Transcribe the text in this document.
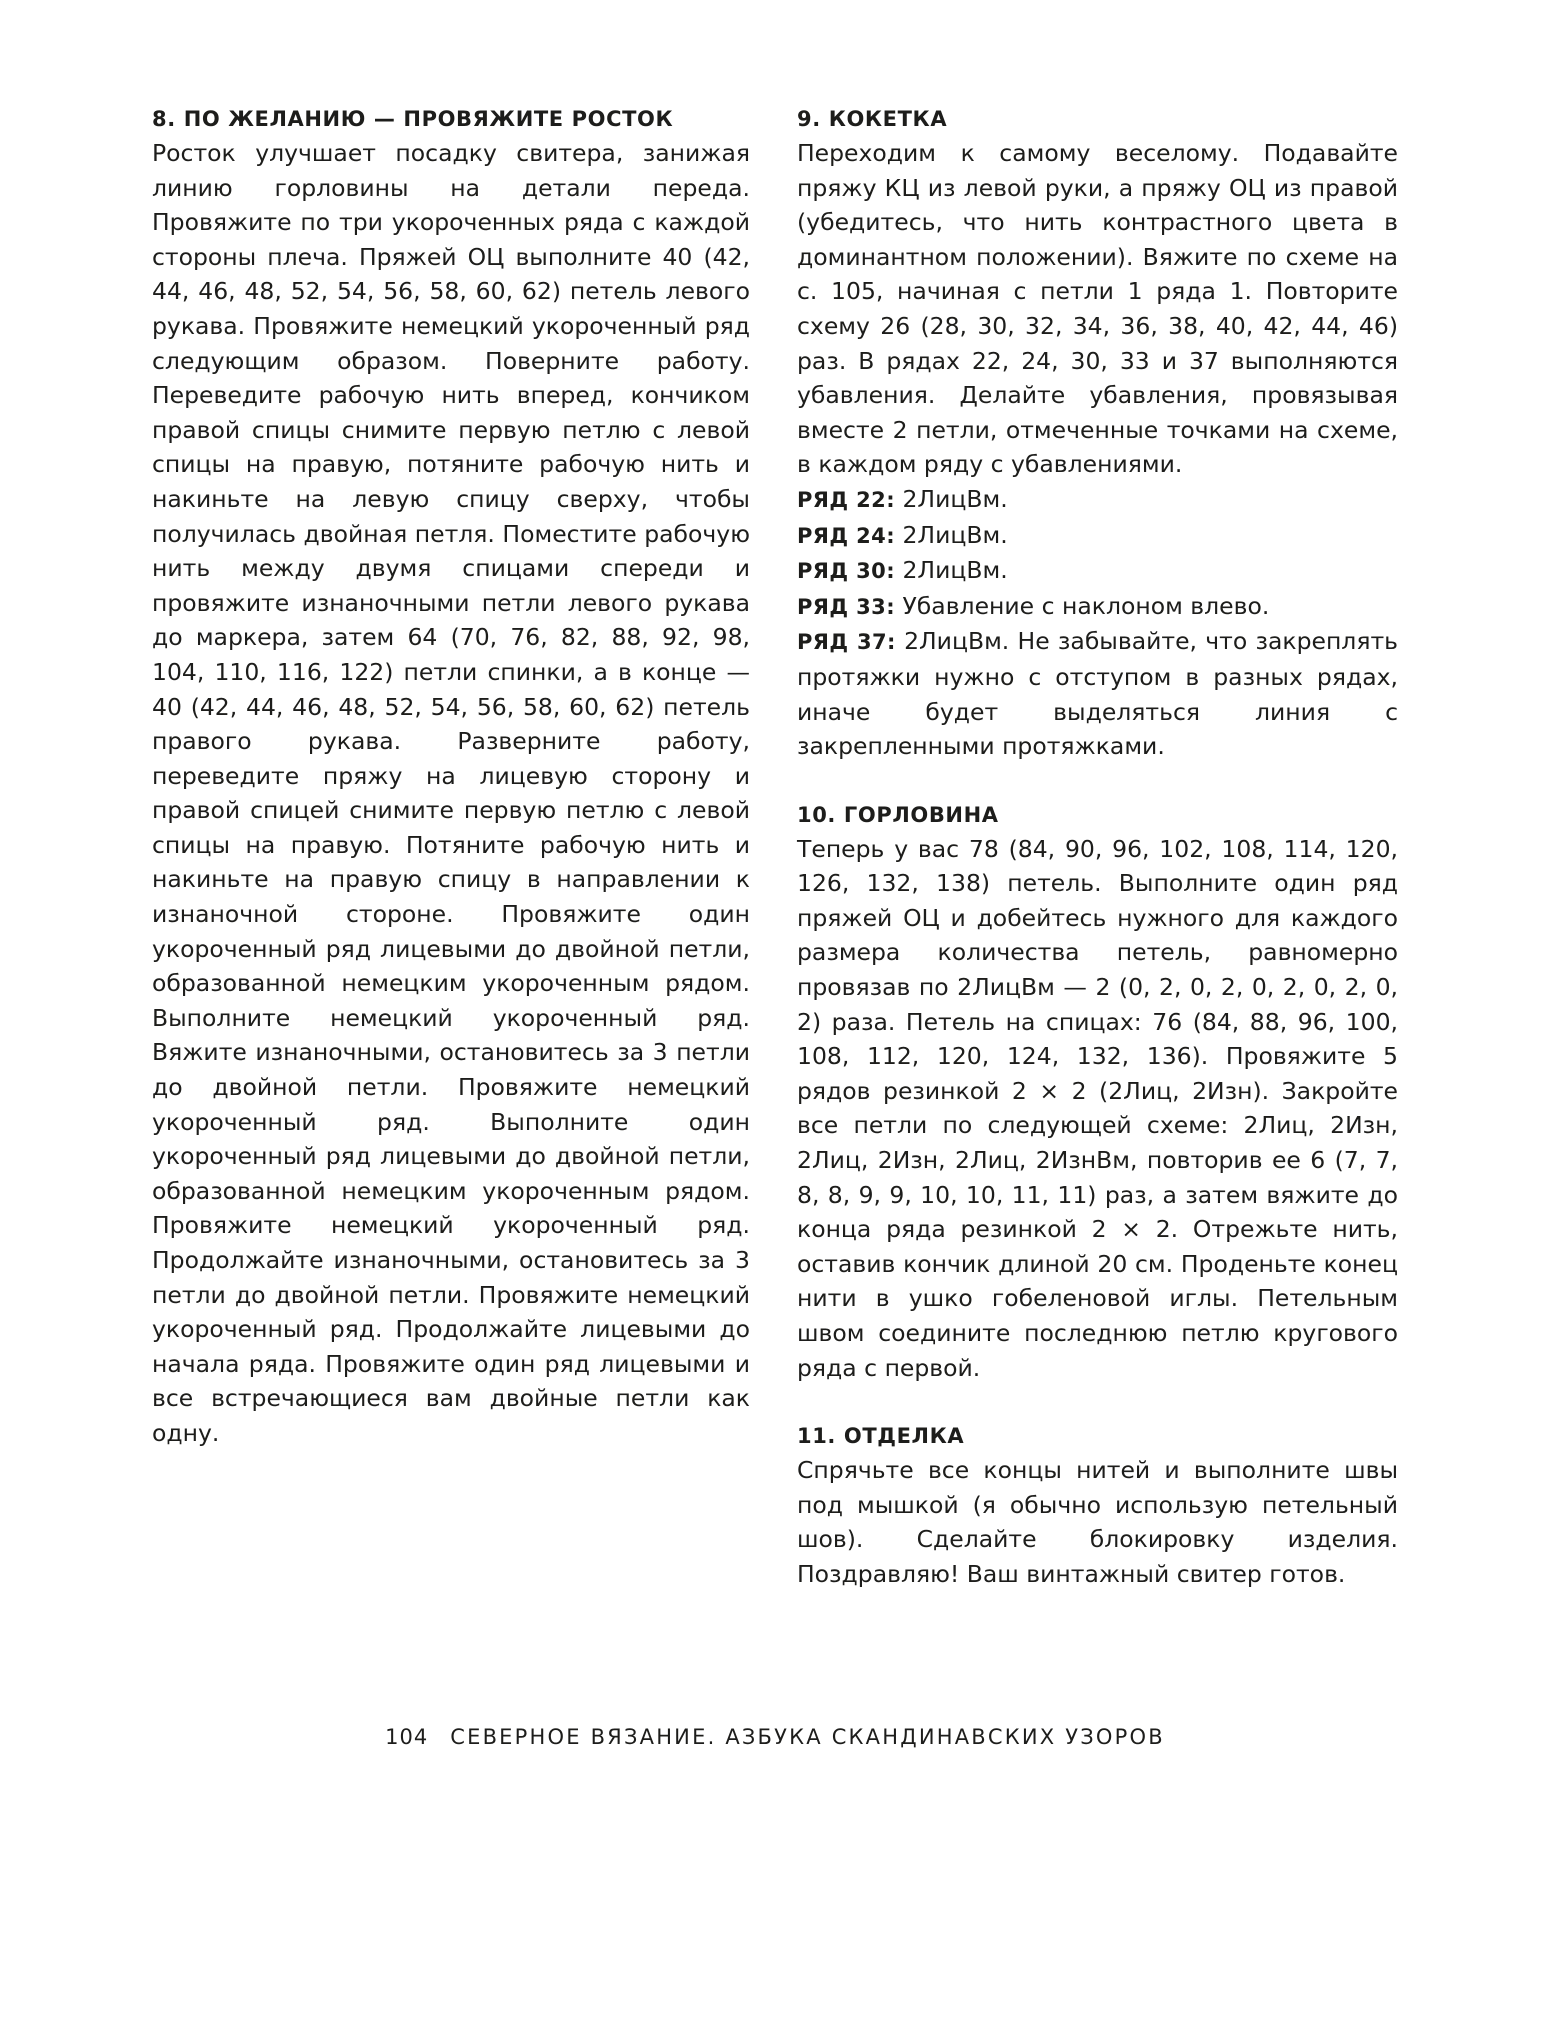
8. ПО ЖЕЛАНИЮ — ПРОВЯЖИТЕ РОСТОК

Росток улучшает посадку свитера, занижая линию горловины на детали переда. Провяжите по три укороченных ряда с каждой стороны плеча. Пряжей ОЦ выполните 40 (42, 44, 46, 48, 52, 54, 56, 58, 60, 62) петель левого рукава. Провяжите немецкий укороченный ряд следующим образом. Поверните работу. Переведите рабочую нить вперед, кончиком правой спицы снимите первую петлю с левой спицы на правую, потяните рабочую нить и накиньте на левую спицу сверху, чтобы получилась двойная петля. Поместите рабочую нить между двумя спицами спереди и провяжите изнаночными петли левого рукава до маркера, затем 64 (70, 76, 82, 88, 92, 98, 104, 110, 116, 122) петли спинки, а в конце — 40 (42, 44, 46, 48, 52, 54, 56, 58, 60, 62) петель правого рукава. Разверните работу, переведите пряжу на лицевую сторону и правой спицей снимите первую петлю с левой спицы на правую. Потяните рабочую нить и накиньте на правую спицу в направлении к изнаночной стороне. Провяжите один укороченный ряд лицевыми до двойной петли, образованной немецким укороченным рядом. Выполните немецкий укороченный ряд. Вяжите изнаночными, остановитесь за 3 петли до двойной петли. Провяжите немецкий укороченный ряд. Выполните один укороченный ряд лицевыми до двойной петли, образованной немецким укороченным рядом. Провяжите немецкий укороченный ряд. Продолжайте изнаночными, остановитесь за 3 петли до двойной петли. Провяжите немецкий укороченный ряд. Продолжайте лицевыми до начала ряда. Провяжите один ряд лицевыми и все встречающиеся вам двойные петли как одну.

9. КОКЕТКА

Переходим к самому веселому. Подавайте пряжу КЦ из левой руки, а пряжу ОЦ из правой (убедитесь, что нить контрастного цвета в доминантном положении). Вяжите по схеме на с. 105, начиная с петли 1 ряда 1. Повторите схему 26 (28, 30, 32, 34, 36, 38, 40, 42, 44, 46) раз. В рядах 22, 24, 30, 33 и 37 выполняются убавления. Делайте убавления, провязывая вместе 2 петли, отмеченные точками на схеме, в каждом ряду с убавлениями.

РЯД 22: 2ЛицВм.

РЯД 24: 2ЛицВм.

РЯД 30: 2ЛицВм.

РЯД 33: Убавление с наклоном влево.

РЯД 37: 2ЛицВм. Не забывайте, что закреплять протяжки нужно с отступом в разных рядах, иначе будет выделяться линия с закрепленными протяжками.

10. ГОРЛОВИНА

Теперь у вас 78 (84, 90, 96, 102, 108, 114, 120, 126, 132, 138) петель. Выполните один ряд пряжей ОЦ и добейтесь нужного для каждого размера количества петель, равномерно провязав по 2ЛицВм — 2 (0, 2, 0, 2, 0, 2, 0, 2, 0, 2) раза. Петель на спицах: 76 (84, 88, 96, 100, 108, 112, 120, 124, 132, 136). Провяжите 5 рядов резинкой 2 × 2 (2Лиц, 2Изн). Закройте все петли по следующей схеме: 2Лиц, 2Изн, 2Лиц, 2Изн, 2Лиц, 2ИзнВм, повторив ее 6 (7, 7, 8, 8, 9, 9, 10, 10, 11, 11) раз, а затем вяжите до конца ряда резинкой 2 × 2. Отрежьте нить, оставив кончик длиной 20 см. Проденьте конец нити в ушко гобеленовой иглы. Петельным швом соедините последнюю петлю кругового ряда с первой.

11. ОТДЕЛКА

Спрячьте все концы нитей и выполните швы под мышкой (я обычно использую петельный шов). Сделайте блокировку изделия. Поздравляю! Ваш винтажный свитер готов.

104 СЕВЕРНОЕ ВЯЗАНИЕ. АЗБУКА СКАНДИНАВСКИХ УЗОРОВ
